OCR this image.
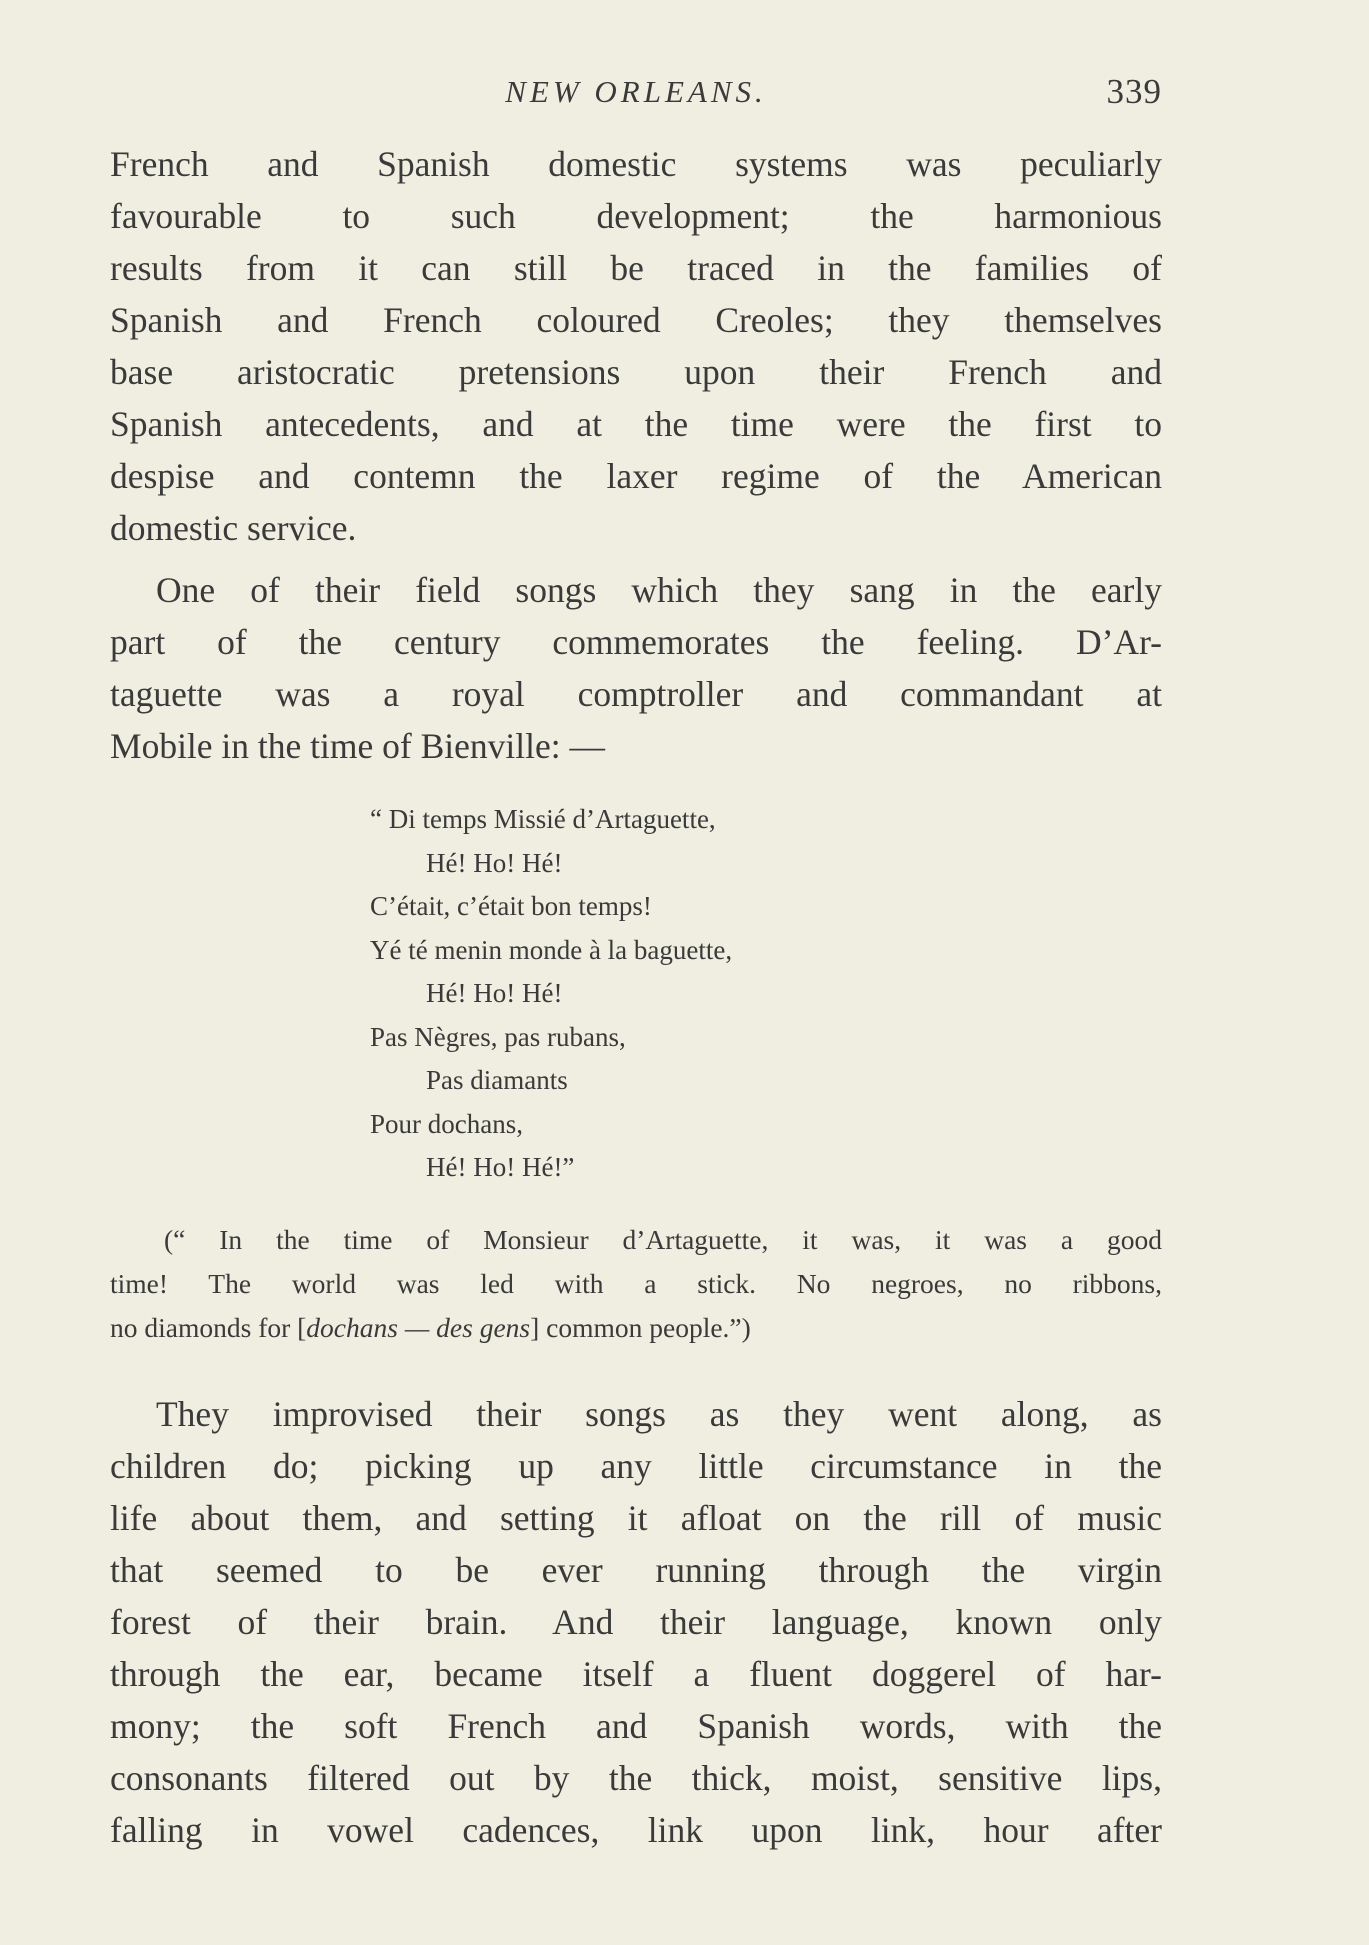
NEW ORLEANS.	339
French and Spanish domestic systems was peculiarly
favourable to such development; the harmonious
results from it can still be traced in the families of
Spanish and French coloured Creoles; they themselves
base aristocratic pretensions upon their French and
Spanish antecedents, and at the time were the first to
despise and contemn the laxer regime of the American
domestic service.
One of their field songs which they sang in the early
part of the century commemorates the feeling. D’Ar-
taguette was a royal comptroller and commandant at
Mobile in the time of Bienville: —
“ Di temps Missié d’Artaguette,
Hé! Ho! Hé!
C’était, c’était bon temps!
Yé té menin monde à la baguette,
Hé! Ho! Hé!
Pas Nègres, pas rubans,
Pas diamants
Pour dochans,
Hé! Ho! Hé!”
(“ In the time of Monsieur d’Artaguette, it was, it was a good
time! The world was led with a stick. No negroes, no ribbons,
no diamonds for [dochans — des gens] common people.”)
They improvised their songs as they went along, as
children do; picking up any little circumstance in the
life about them, and setting it afloat on the rill of music
that seemed to be ever running through the virgin
forest of their brain. And their language, known only
through the ear, became itself a fluent doggerel of har-
mony; the soft French and Spanish words, with the
consonants filtered out by the thick, moist, sensitive lips,
falling in vowel cadences, link upon link, hour after
